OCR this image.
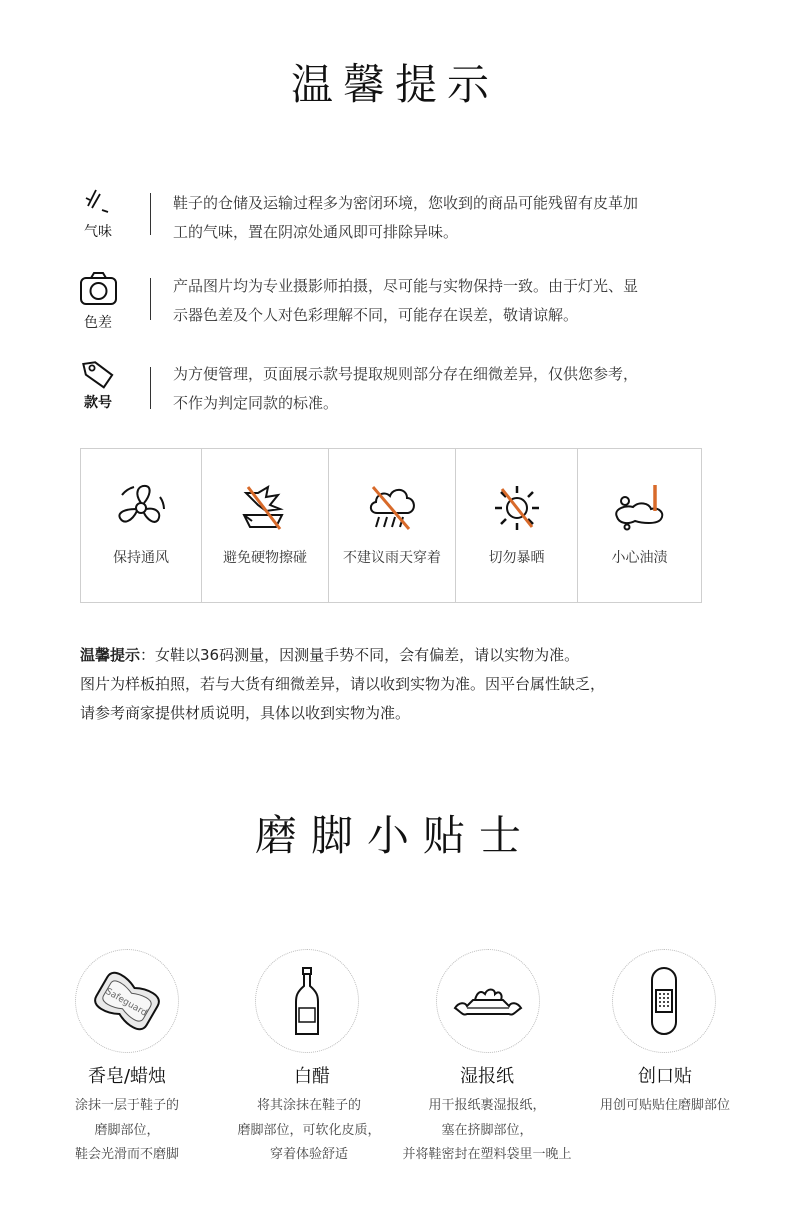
温馨提示
气味
鞋子的仓储及运输过程多为密闭环境，您收到的商品可能残留有皮革加
工的气味，置在阴凉处通风即可排除异味。
色差
产品图片均为专业摄影师拍摄，尽可能与实物保持一致。由于灯光、显
示器色差及个人对色彩理解不同，可能存在误差，敬请谅解。
款号
为方便管理，页面展示款号提取规则部分存在细微差异，仅供您参考，
不作为判定同款的标准。
保持通风	避免硬物擦碰	不建议雨天穿着	切勿暴晒	小心油渍
温馨提示：女鞋以36码测量，因测量手势不同，会有偏差，请以实物为准。
图片为样板拍照，若与大货有细微差异，请以收到实物为准。因平台属性缺乏，
请参考商家提供材质说明，具体以收到实物为准。
磨脚小贴士
Safeguard
香皂/蜡烛	白醋	湿报纸	创口贴
涂抹一层于鞋子的
磨脚部位，
鞋会光滑而不磨脚
将其涂抹在鞋子的
磨脚部位，可软化皮质，
穿着体验舒适
用干报纸裹湿报纸，
塞在挤脚部位，
并将鞋密封在塑料袋里一晚上
用创可贴贴住磨脚部位
